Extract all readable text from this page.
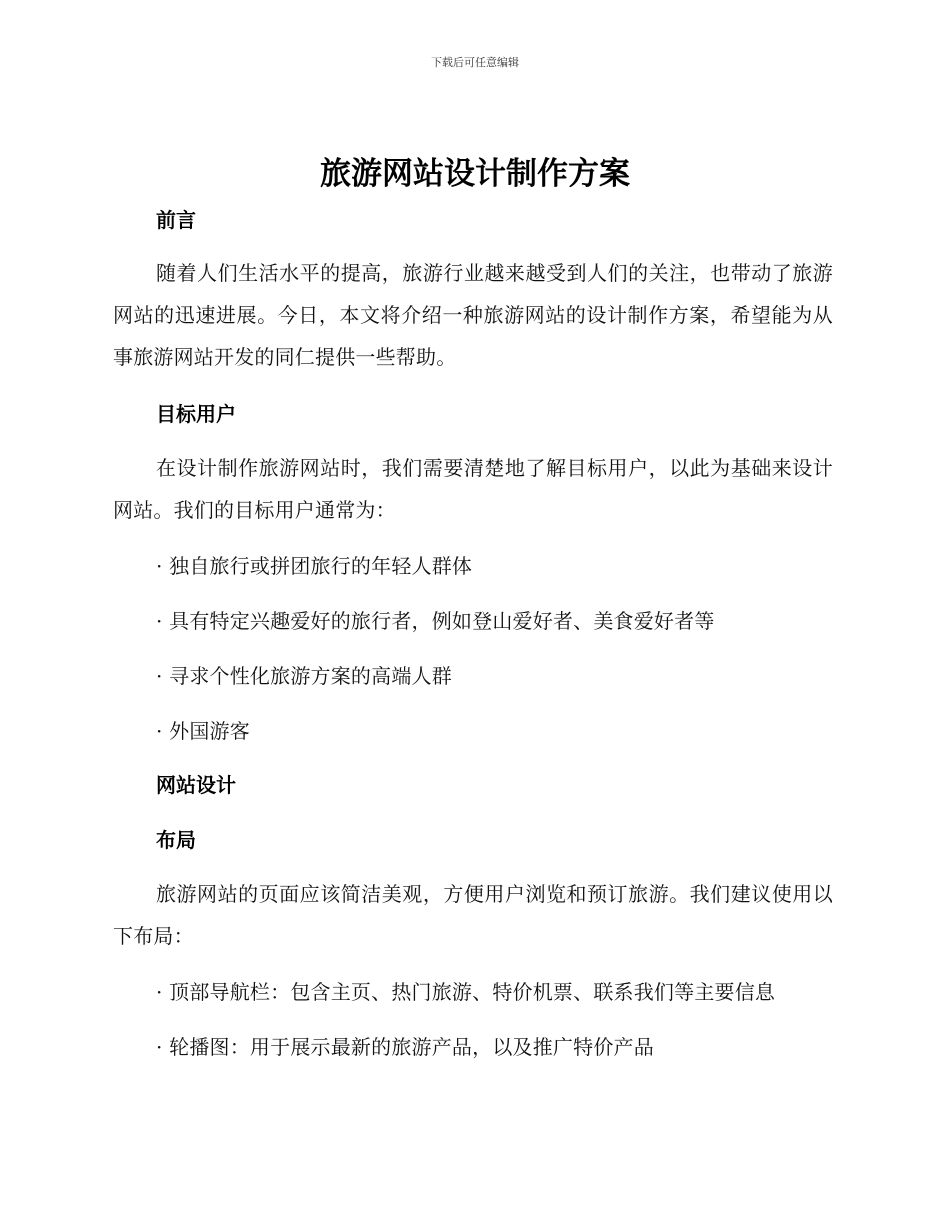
下载后可任意编辑
旅游网站设计制作方案
前言

随着人们生活水平的提高，旅游行业越来越受到人们的关注，也带动了旅游网站的迅速进展。今日，本文将介绍一种旅游网站的设计制作方案，希望能为从事旅游网站开发的同仁提供一些帮助。

目标用户

在设计制作旅游网站时，我们需要清楚地了解目标用户，以此为基础来设计网站。我们的目标用户通常为：

· 独自旅行或拼团旅行的年轻人群体
· 具有特定兴趣爱好的旅行者，例如登山爱好者、美食爱好者等
· 寻求个性化旅游方案的高端人群
· 外国游客
网站设计
布局

旅游网站的页面应该简洁美观，方便用户浏览和预订旅游。我们建议使用以下布局：

· 顶部导航栏：包含主页、热门旅游、特价机票、联系我们等主要信息
· 轮播图：用于展示最新的旅游产品，以及推广特价产品
